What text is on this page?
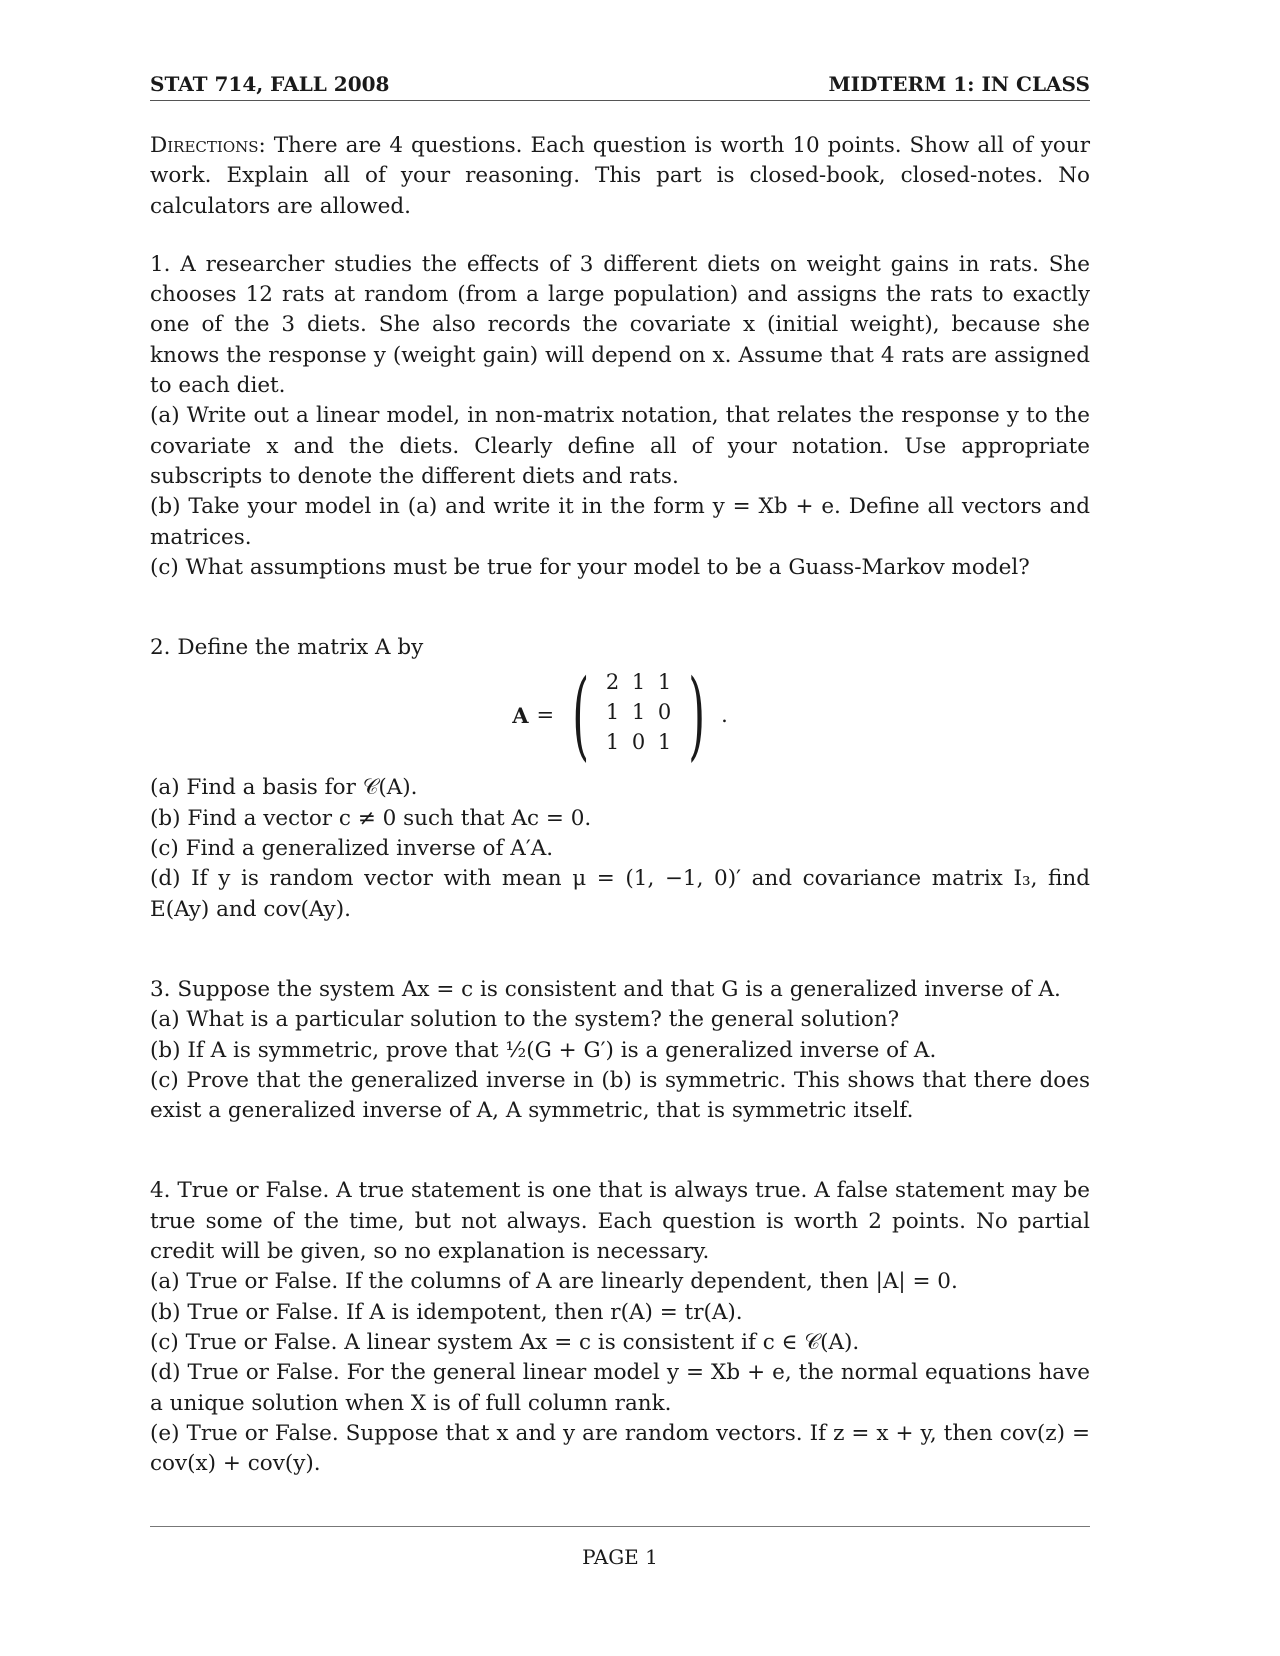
STAT 714, FALL 2008	MIDTERM 1: IN CLASS

Directions: There are 4 questions. Each question is worth 10 points. Show all of your work. Explain all of your reasoning. This part is closed-book, closed-notes. No calculators are allowed.

1. A researcher studies the effects of 3 different diets on weight gains in rats. She chooses 12 rats at random (from a large population) and assigns the rats to exactly one of the 3 diets. She also records the covariate x (initial weight), because she knows the response y (weight gain) will depend on x. Assume that 4 rats are assigned to each diet.

(a) Write out a linear model, in non-matrix notation, that relates the response y to the covariate x and the diets. Clearly define all of your notation. Use appropriate subscripts to denote the different diets and rats.

(b) Take your model in (a) and write it in the form y = Xb + e. Define all vectors and matrices.

(c) What assumptions must be true for your model to be a Guass-Markov model?

2. Define the matrix A by

A = ( 2 1 1
1 1 0
1 0 1 ) .

(a) Find a basis for 𝒞(A).

(b) Find a vector c ≠ 0 such that Ac = 0.

(c) Find a generalized inverse of A′A.

(d) If y is random vector with mean μ = (1, −1, 0)′ and covariance matrix I₃, find E(Ay) and cov(Ay).

3. Suppose the system Ax = c is consistent and that G is a generalized inverse of A.

(a) What is a particular solution to the system? the general solution?

(b) If A is symmetric, prove that ½(G + G′) is a generalized inverse of A.

(c) Prove that the generalized inverse in (b) is symmetric. This shows that there does exist a generalized inverse of A, A symmetric, that is symmetric itself.

4. True or False. A true statement is one that is always true. A false statement may be true some of the time, but not always. Each question is worth 2 points. No partial credit will be given, so no explanation is necessary.

(a) True or False. If the columns of A are linearly dependent, then |A| = 0.

(b) True or False. If A is idempotent, then r(A) = tr(A).

(c) True or False. A linear system Ax = c is consistent if c ∈ 𝒞(A).

(d) True or False. For the general linear model y = Xb + e, the normal equations have a unique solution when X is of full column rank.

(e) True or False. Suppose that x and y are random vectors. If z = x + y, then cov(z) = cov(x) + cov(y).

PAGE 1
